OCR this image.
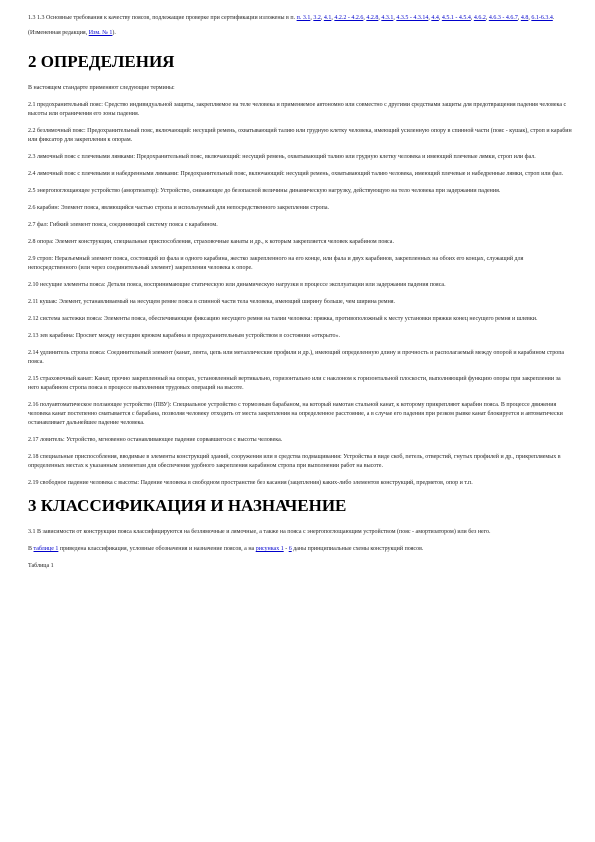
1.3 1.3 Основные требования к качеству поясов, подлежащие проверке при сертификации изложены в п. п. 3.1, 3.2, 4.1, 4.2.2 - 4.2.6, 4.2.8, 4.3.1, 4.3.5 - 4.3.14, 4.4, 4.5.1 - 4.5.4, 4.6.2, 4.6.3 - 4.6.7, 4.8, 6.1-6.3.4.

(Измененная редакция, Изм. № 1).

2 ОПРЕДЕЛЕНИЯ

В настоящем стандарте применяют следующие термины:

2.1 предохранительный пояс: Средство индивидуальной защиты, закрепляемое на теле человека и применяемое автономно или совместно с другими средствами защиты для предотвращения падения человека с высоты или ограничения его зоны падения.

2.2 безлямочный пояс: Предохранительный пояс, включающий: несущий ремень, охватывающий талию или грудную клетку человека, имеющий усиленную опору в спинной части (пояс - кушак), строп и карабин или фиксатор для закрепления к опорам.

2.3 лямочный пояс с плечевыми лямками: Предохранительный пояс, включающий: несущий ремень, охватывающий талию или грудную клетку человека и имеющий плечевые лямки, строп или фал.

2.4 лямочный пояс с плечевыми и набедренными лямками: Предохранительный пояс, включающий: несущий ремень, охватывающий талию человека, имеющий плечевые и набедренные лямки, строп или фал.

2.5 энергопоглощающее устройство (амортизатор): Устройство, снижающее до безопасной величины динамическую нагрузку, действующую на тело человека при задержании падения.

2.6 карабин: Элемент пояса, являющийся частью стропа и используемый для непосредственного закрепления стропа.

2.7 фал: Гибкий элемент пояса, соединяющий систему пояса с карабином.

2.8 опора: Элемент конструкции, специальные приспособления, страховочные канаты и др., к которым закрепляется человек карабином пояса.

2.9 строп: Неразъемный элемент пояса, состоящий из фала и одного карабина, жестко закрепленного на его конце, или фала и двух карабинов, закрепленных на обоих его концах, служащий для непосредственного (или через соединительный элемент) закрепления человека к опоре.

2.10 несущие элементы пояса: Детали пояса, воспринимающие статическую или динамическую нагрузки в процессе эксплуатации или задержания падения пояса.

2.11 кушак: Элемент, устанавливаемый на несущем ремне пояса в спинной части тела человека, имеющий ширину больше, чем ширина ремня.

2.12 система застежки пояса: Элементы пояса, обеспечивающие фиксацию несущего ремня на талии человека: пряжка, противоположный к месту установки пряжки конец несущего ремня и шлевки.

2.13 зев карабина: Просвет между несущим крюком карабина и предохранительным устройством в состоянии «открыто».

2.14 удлинитель стропа пояса: Соединительный элемент (канат, лента, цепь или металлические профили и др.), имеющий определенную длину и прочность и располагаемый между опорой и карабином стропа пояса.

2.15 страховочный канат: Канат, прочно закрепленный на опорах, установленный вертикально, горизонтально или с наклоном к горизонтальной плоскости, выполняющий функцию опоры при закреплении за него карабином стропа пояса в процессе выполнения трудовых операций на высоте.

2.16 полуавтоматическое ползающее устройство (ПВУ): Специальное устройство с тормозным барабаном, на который намотан стальной канат, к которому прикрепляют карабин пояса. В процессе движения человека канат постепенно сматывается с барабана, позволяя человеку отходить от места закрепления на определенное расстояние, а в случае его падения при резком рывке канат блокируется и автоматически останавливает дальнейшее падение человека.

2.17 ловитель: Устройство, мгновенно останавливающее падение сорвавшегося с высоты человека.

2.18 специальные приспособления, вводимые в элементы конструкций зданий, сооружения или в средства подмащивания: Устройства в виде скоб, петель, отверстий, гнутых профилей и др., прикрепляемых в определенных местах к указанным элементам для обеспечения удобного закрепления карабином стропа при выполнении работ на высоте.

2.19 свободное падение человека с высоты: Падение человека в свободном пространстве без касания (зацепления) каких-либо элементов конструкций, предметов, опор и т.п.

3 КЛАССИФИКАЦИЯ И НАЗНАЧЕНИЕ

3.1 В зависимости от конструкции пояса классифицируются на безлямочные и лямочные, а также на пояса с энергопоглощающим устройством (пояс - амортизатором) или без него.

В таблице 1 приведена классификация, условные обозначения и назначение поясов, а на рисунках 1 - 6 даны принципиальные схемы конструкций поясов.

Таблица 1
